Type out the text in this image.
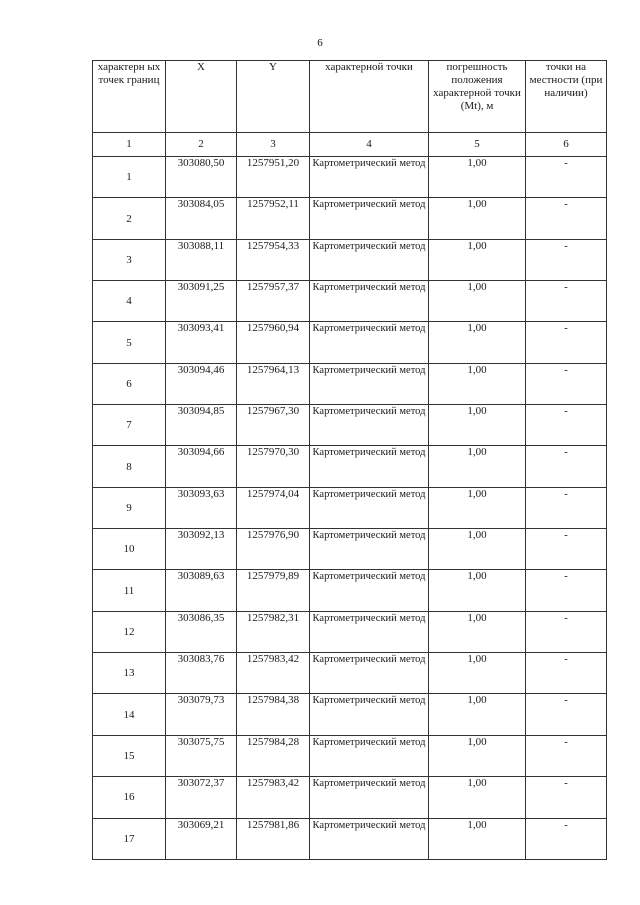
6
характерн ых точек границ	X	Y	характерной точки	погрешность положения характерной точки (Mt), м	точки на местности (при наличии)
1	2	3	4	5	6
1	303080,50	1257951,20	Картометрический метод	1,00	-
2	303084,05	1257952,11	Картометрический метод	1,00	-
3	303088,11	1257954,33	Картометрический метод	1,00	-
4	303091,25	1257957,37	Картометрический метод	1,00	-
5	303093,41	1257960,94	Картометрический метод	1,00	-
6	303094,46	1257964,13	Картометрический метод	1,00	-
7	303094,85	1257967,30	Картометрический метод	1,00	-
8	303094,66	1257970,30	Картометрический метод	1,00	-
9	303093,63	1257974,04	Картометрический метод	1,00	-
10	303092,13	1257976,90	Картометрический метод	1,00	-
11	303089,63	1257979,89	Картометрический метод	1,00	-
12	303086,35	1257982,31	Картометрический метод	1,00	-
13	303083,76	1257983,42	Картометрический метод	1,00	-
14	303079,73	1257984,38	Картометрический метод	1,00	-
15	303075,75	1257984,28	Картометрический метод	1,00	-
16	303072,37	1257983,42	Картометрический метод	1,00	-
17	303069,21	1257981,86	Картометрический метод	1,00	-
